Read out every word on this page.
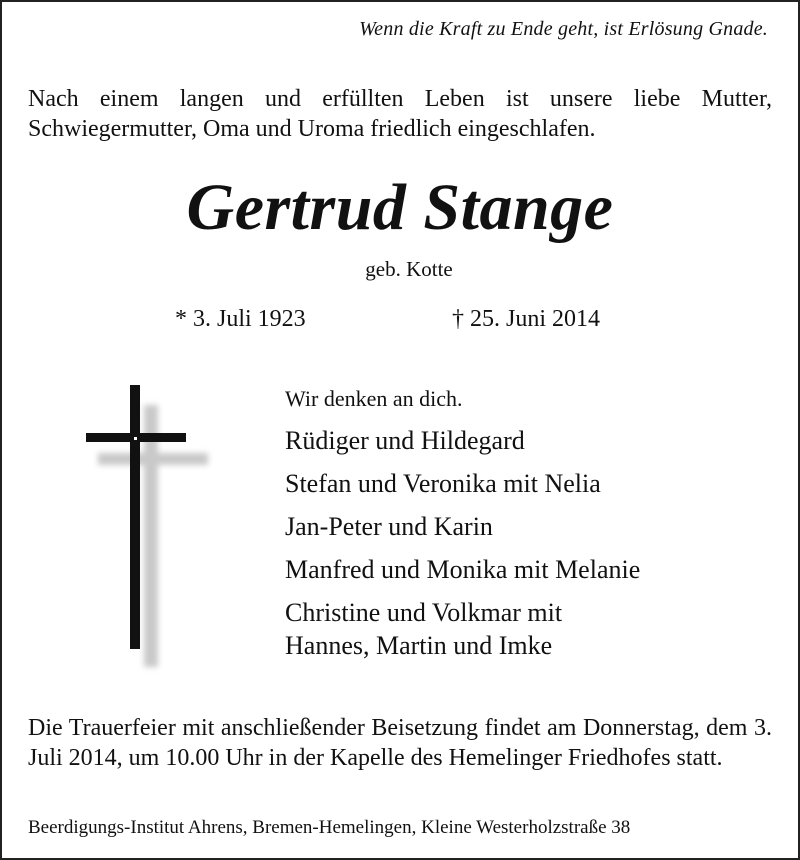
Wenn die Kraft zu Ende geht, ist Erlösung Gnade.
Nach einem langen und erfüllten Leben ist unsere liebe Mutter, Schwiegermutter, Oma und Uroma friedlich eingeschlafen.
Gertrud Stange
geb. Kotte
* 3. Juli 1923	† 25. Juni 2014
Wir denken an dich.
Rüdiger und Hildegard
Stefan und Veronika mit Nelia
Jan-Peter und Karin
Manfred und Monika mit Melanie
Christine und Volkmar mit
Hannes, Martin und Imke
Die Trauerfeier mit anschließender Beisetzung findet am Donnerstag, dem 3. Juli 2014, um 10.00 Uhr in der Kapelle des Hemelinger Friedhofes statt.
Beerdigungs-Institut Ahrens, Bremen-Hemelingen, Kleine Westerholzstraße 38
